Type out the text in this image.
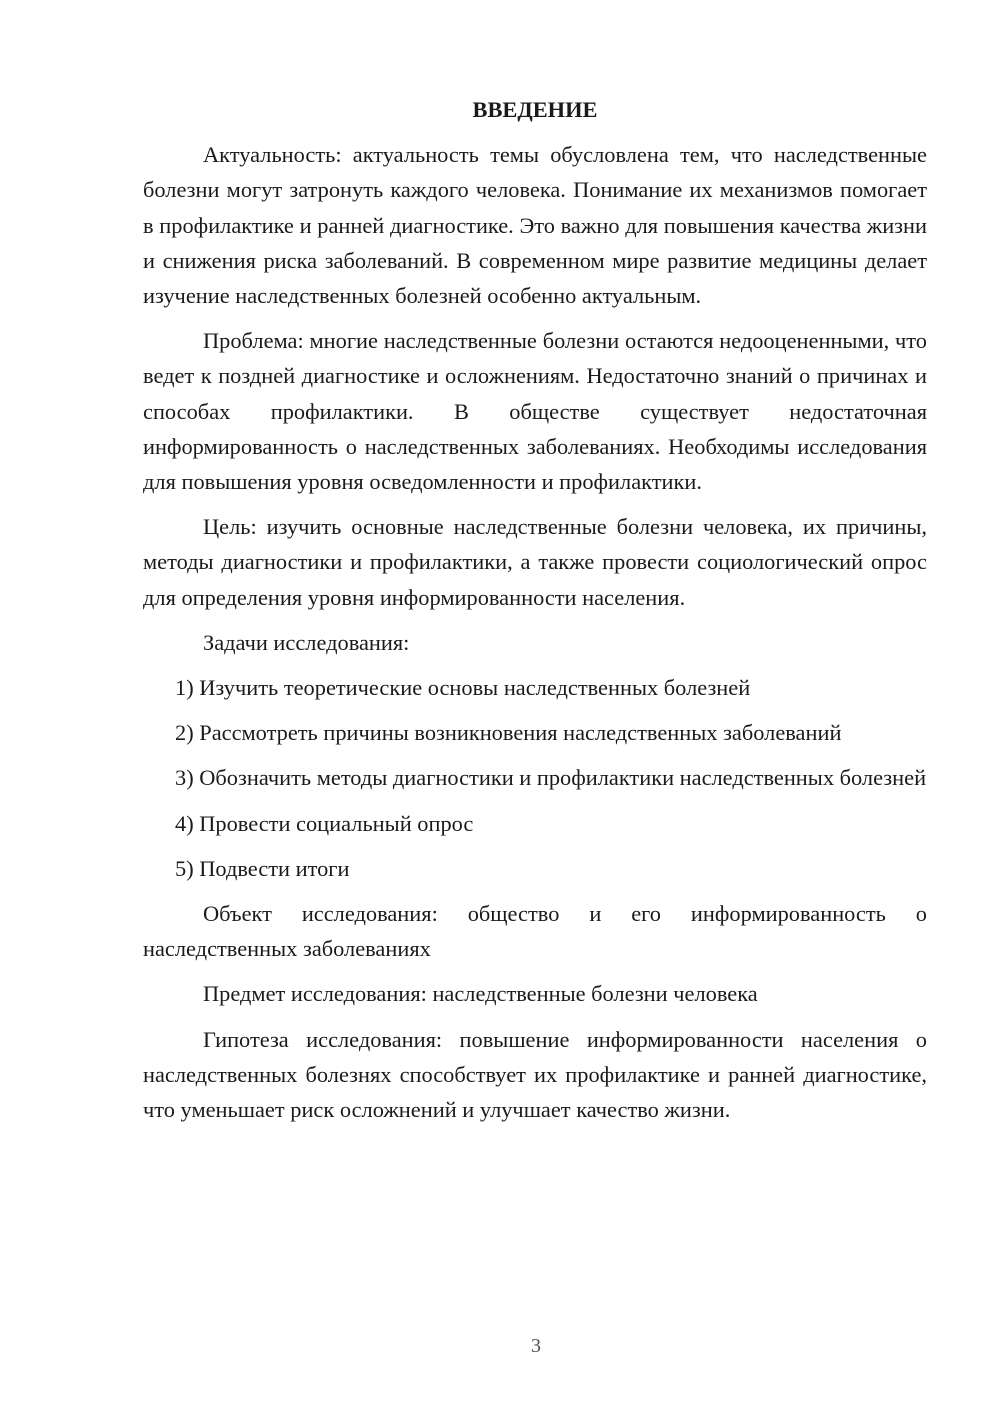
ВВЕДЕНИЕ

Актуальность: актуальность темы обусловлена тем, что наследственные болезни могут затронуть каждого человека. Понимание их механизмов помогает в профилактике и ранней диагностике. Это важно для повышения качества жизни и снижения риска заболеваний. В современном мире развитие медицины делает изучение наследственных болезней особенно актуальным.

Проблема: многие наследственные болезни остаются недооцененными, что ведет к поздней диагностике и осложнениям. Недостаточно знаний о причинах и способах профилактики. В обществе существует недостаточная информированность о наследственных заболеваниях. Необходимы исследования для повышения уровня осведомленности и профилактики.

Цель: изучить основные наследственные болезни человека, их причины, методы диагностики и профилактики, а также провести социологический опрос для определения уровня информированности населения.

Задачи исследования:

1) Изучить теоретические основы наследственных болезней

2) Рассмотреть причины возникновения наследственных заболеваний

3) Обозначить методы диагностики и профилактики наследственных болезней

4) Провести социальный опрос

5) Подвести итоги

Объект исследования: общество и его информированность о наследственных заболеваниях

Предмет исследования: наследственные болезни человека

Гипотеза исследования: повышение информированности населения о наследственных болезнях способствует их профилактике и ранней диагностике, что уменьшает риск осложнений и улучшает качество жизни.

3
